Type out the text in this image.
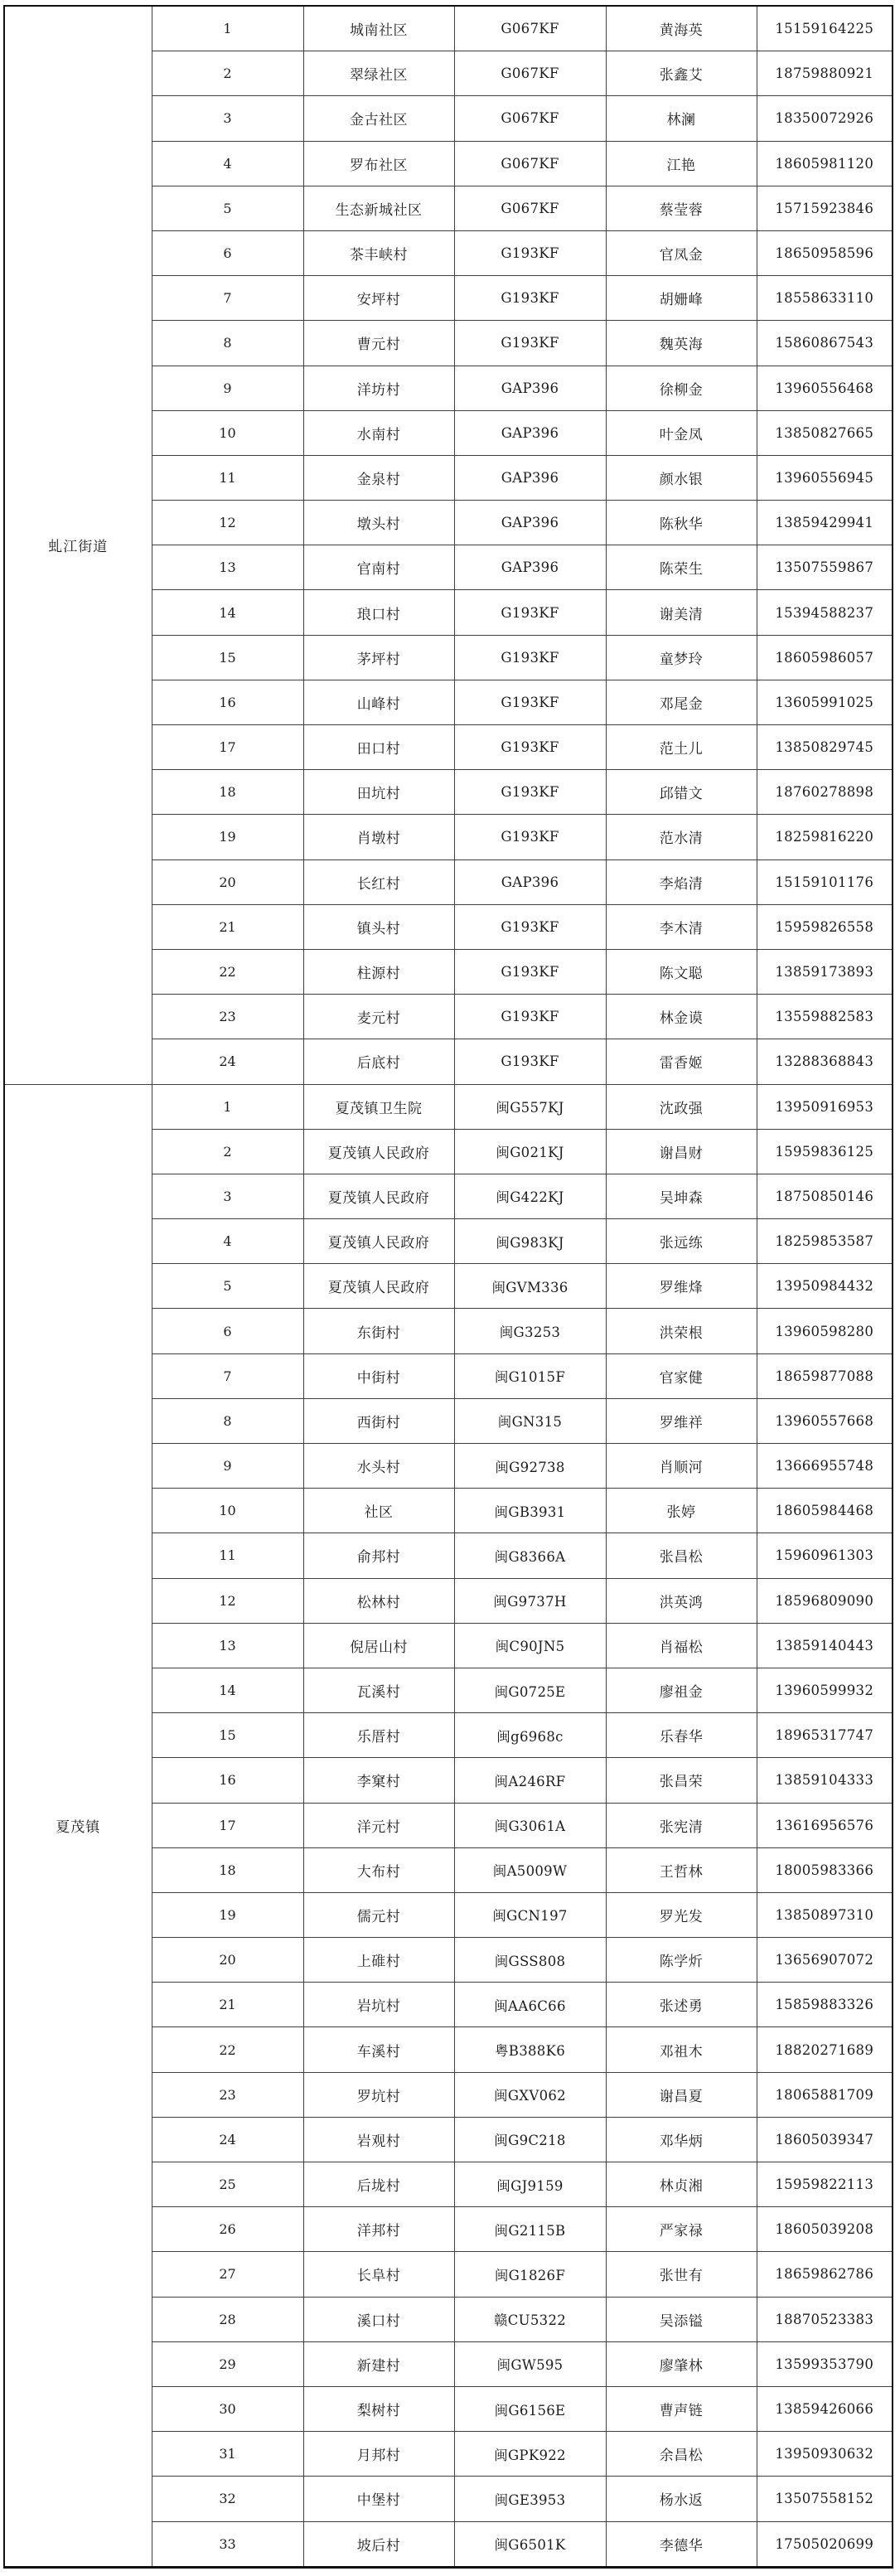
虬江街道	1	城南社区	G067KF	黄海英	15159164225
	2	翠绿社区	G067KF	张鑫艾	18759880921
	3	金古社区	G067KF	林澜	18350072926
	4	罗布社区	G067KF	江艳	18605981120
	5	生态新城社区	G067KF	蔡莹蓉	15715923846
	6	茶丰峡村	G193KF	官凤金	18650958596
	7	安坪村	G193KF	胡姗峰	18558633110
	8	曹元村	G193KF	魏英海	15860867543
	9	洋坊村	GAP396	徐柳金	13960556468
	10	水南村	GAP396	叶金凤	13850827665
	11	金泉村	GAP396	颜水银	13960556945
	12	墩头村	GAP396	陈秋华	13859429941
	13	官南村	GAP396	陈荣生	13507559867
	14	琅口村	G193KF	谢美清	15394588237
	15	茅坪村	G193KF	童梦玲	18605986057
	16	山峰村	G193KF	邓尾金	13605991025
	17	田口村	G193KF	范土儿	13850829745
	18	田坑村	G193KF	邱错文	18760278898
	19	肖墩村	G193KF	范水清	18259816220
	20	长红村	GAP396	李焰清	15159101176
	21	镇头村	G193KF	李木清	15959826558
	22	柱源村	G193KF	陈文聪	13859173893
	23	麦元村	G193KF	林金谟	13559882583
	24	后底村	G193KF	雷香姬	13288368843
夏茂镇	1	夏茂镇卫生院	闽G557KJ	沈政强	13950916953
	2	夏茂镇人民政府	闽G021KJ	谢昌财	15959836125
	3	夏茂镇人民政府	闽G422KJ	吴坤森	18750850146
	4	夏茂镇人民政府	闽G983KJ	张远练	18259853587
	5	夏茂镇人民政府	闽GVM336	罗维烽	13950984432
	6	东街村	闽G3253	洪荣根	13960598280
	7	中街村	闽G1015F	官家健	18659877088
	8	西街村	闽GN315	罗维祥	13960557668
	9	水头村	闽G92738	肖顺河	13666955748
	10	社区	闽GB3931	张婷	18605984468
	11	俞邦村	闽G8366A	张昌松	15960961303
	12	松林村	闽G9737H	洪英鸿	18596809090
	13	倪居山村	闽C90JN5	肖福松	13859140443
	14	瓦溪村	闽G0725E	廖祖金	13960599932
	15	乐厝村	闽g6968c	乐春华	18965317747
	16	李窠村	闽A246RF	张昌荣	13859104333
	17	洋元村	闽G3061A	张宪清	13616956576
	18	大布村	闽A5009W	王哲林	18005983366
	19	儒元村	闽GCN197	罗光发	13850897310
	20	上碓村	闽GSS808	陈学炘	13656907072
	21	岩坑村	闽AA6C66	张述勇	15859883326
	22	车溪村	粤B388K6	邓祖木	18820271689
	23	罗坑村	闽GXV062	谢昌夏	18065881709
	24	岩观村	闽G9C218	邓华炳	18605039347
	25	后垅村	闽GJ9159	林贞湘	15959822113
	26	洋邦村	闽G2115B	严家禄	18605039208
	27	长阜村	闽G1826F	张世有	18659862786
	28	溪口村	赣CU5322	吴添镒	18870523383
	29	新建村	闽GW595	廖肇林	13599353790
	30	梨树村	闽G6156E	曹声链	13859426066
	31	月邦村	闽GPK922	余昌松	13950930632
	32	中堡村	闽GE3953	杨水返	13507558152
	33	坡后村	闽G6501K	李德华	17505020699
